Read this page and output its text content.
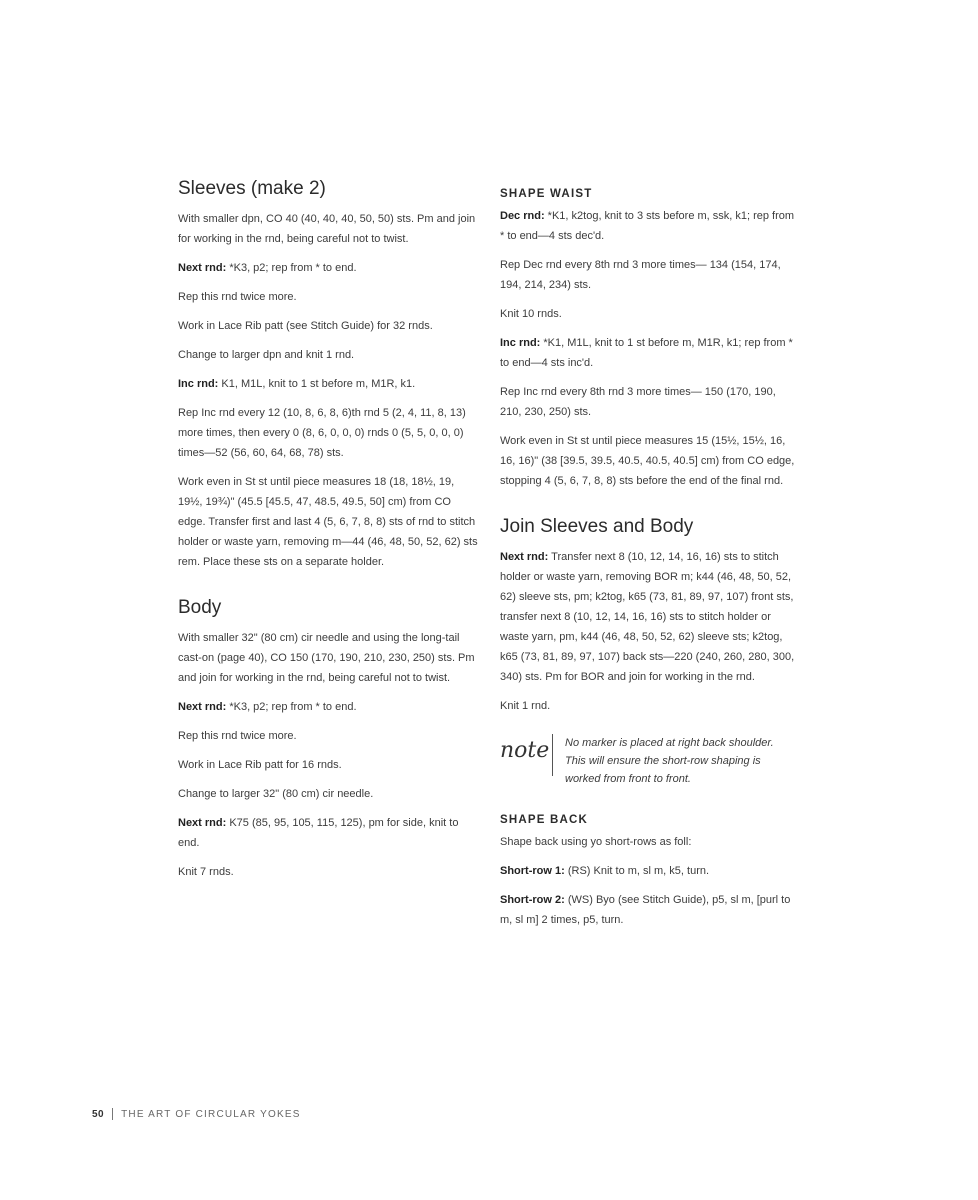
Sleeves (make 2)

With smaller dpn, CO 40 (40, 40, 40, 50, 50) sts. Pm and join for working in the rnd, being careful not to twist.

Next rnd: *K3, p2; rep from * to end.

Rep this rnd twice more.

Work in Lace Rib patt (see Stitch Guide) for 32 rnds.

Change to larger dpn and knit 1 rnd.

Inc rnd: K1, M1L, knit to 1 st before m, M1R, k1.

Rep Inc rnd every 12 (10, 8, 6, 8, 6)th rnd 5 (2, 4, 11, 8, 13) more times, then every 0 (8, 6, 0, 0, 0) rnds 0 (5, 5, 0, 0, 0) times—52 (56, 60, 64, 68, 78) sts.

Work even in St st until piece measures 18 (18, 18½, 19, 19½, 19¾)" (45.5 [45.5, 47, 48.5, 49.5, 50] cm) from CO edge. Transfer first and last 4 (5, 6, 7, 8, 8) sts of rnd to stitch holder or waste yarn, removing m—44 (46, 48, 50, 52, 62) sts rem. Place these sts on a separate holder.

Body

With smaller 32" (80 cm) cir needle and using the long-tail cast-on (page 40), CO 150 (170, 190, 210, 230, 250) sts. Pm and join for working in the rnd, being careful not to twist.

Next rnd: *K3, p2; rep from * to end.

Rep this rnd twice more.

Work in Lace Rib patt for 16 rnds.

Change to larger 32" (80 cm) cir needle.

Next rnd: K75 (85, 95, 105, 115, 125), pm for side, knit to end.

Knit 7 rnds.

SHAPE WAIST

Dec rnd: *K1, k2tog, knit to 3 sts before m, ssk, k1; rep from * to end—4 sts dec'd.

Rep Dec rnd every 8th rnd 3 more times— 134 (154, 174, 194, 214, 234) sts.

Knit 10 rnds.

Inc rnd: *K1, M1L, knit to 1 st before m, M1R, k1; rep from * to end—4 sts inc'd.

Rep Inc rnd every 8th rnd 3 more times— 150 (170, 190, 210, 230, 250) sts.

Work even in St st until piece measures 15 (15½, 15½, 16, 16, 16)" (38 [39.5, 39.5, 40.5, 40.5, 40.5] cm) from CO edge, stopping 4 (5, 6, 7, 8, 8) sts before the end of the final rnd.

Join Sleeves and Body

Next rnd: Transfer next 8 (10, 12, 14, 16, 16) sts to stitch holder or waste yarn, removing BOR m; k44 (46, 48, 50, 52, 62) sleeve sts, pm; k2tog, k65 (73, 81, 89, 97, 107) front sts, transfer next 8 (10, 12, 14, 16, 16) sts to stitch holder or waste yarn, pm, k44 (46, 48, 50, 52, 62) sleeve sts; k2tog, k65 (73, 81, 89, 97, 107) back sts—220 (240, 260, 280, 300, 340) sts. Pm for BOR and join for working in the rnd.

Knit 1 rnd.

note	No marker is placed at right back shoulder. This will ensure the short-row shaping is worked from front to front.
SHAPE BACK

Shape back using yo short-rows as foll:

Short-row 1: (RS) Knit to m, sl m, k5, turn.

Short-row 2: (WS) Byo (see Stitch Guide), p5, sl m, [purl to m, sl m] 2 times, p5, turn.

50 THE ART OF CIRCULAR YOKES
